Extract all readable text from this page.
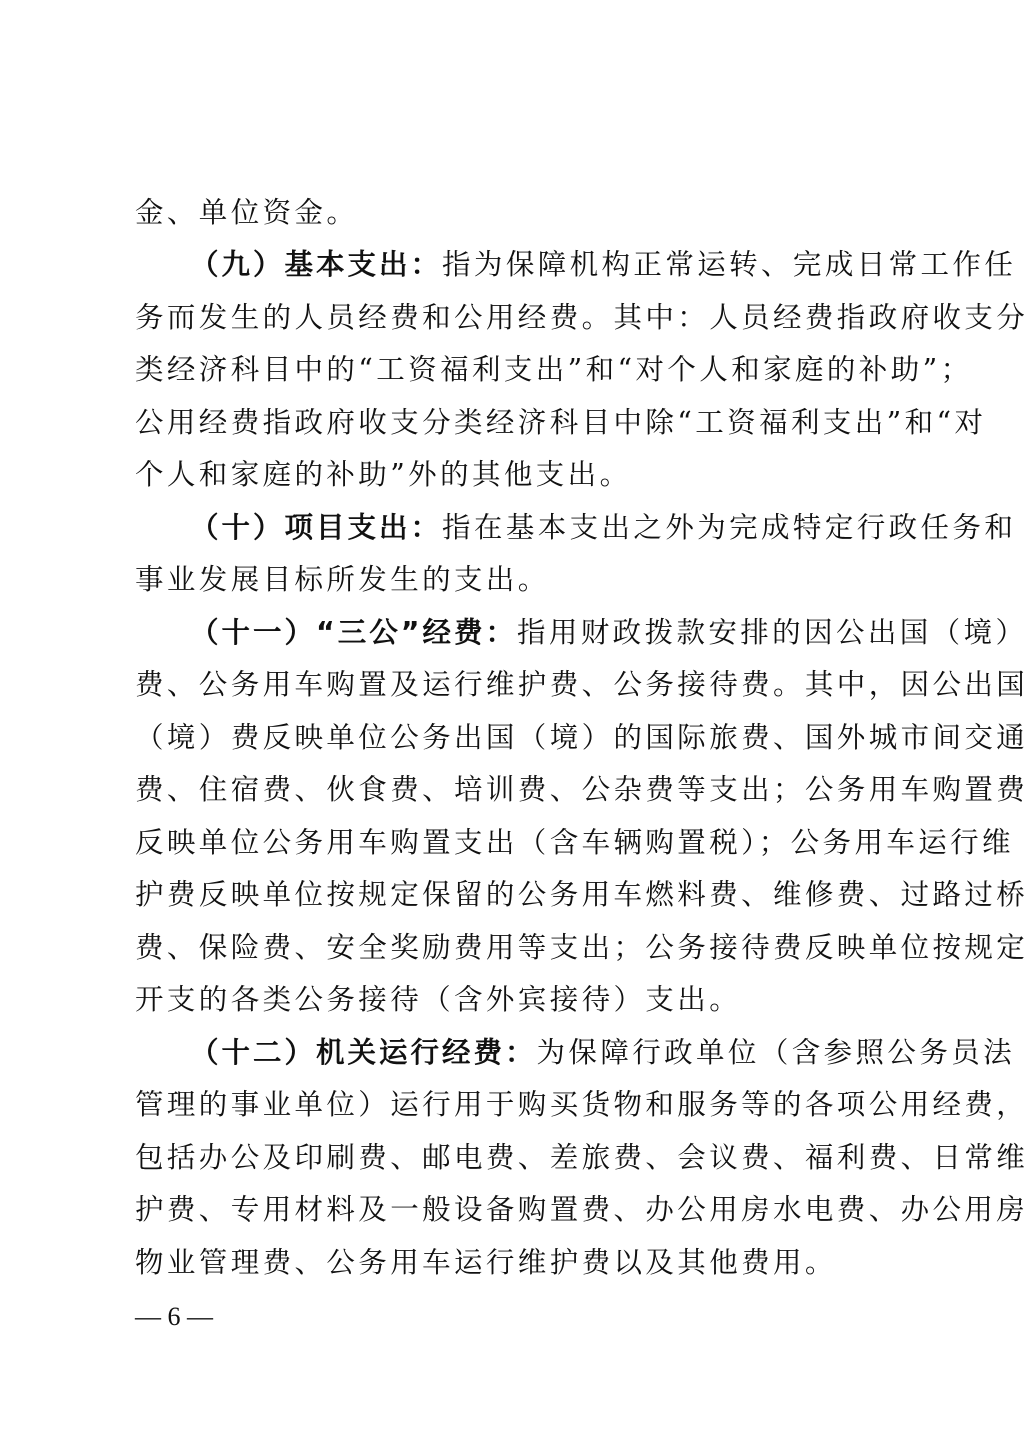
金、单位资金。
（九）基本支出：指为保障机构正常运转、完成日常工作任
务而发生的人员经费和公用经费。其中：人员经费指政府收支分
类经济科目中的“工资福利支出”和“对个人和家庭的补助”；
公用经费指政府收支分类经济科目中除“工资福利支出”和“对
个人和家庭的补助”外的其他支出。
（十）项目支出：指在基本支出之外为完成特定行政任务和
事业发展目标所发生的支出。
（十一）“三公”经费：指用财政拨款安排的因公出国（境）
费、公务用车购置及运行维护费、公务接待费。其中，因公出国
（境）费反映单位公务出国（境）的国际旅费、国外城市间交通
费、住宿费、伙食费、培训费、公杂费等支出；公务用车购置费
反映单位公务用车购置支出（含车辆购置税）；公务用车运行维
护费反映单位按规定保留的公务用车燃料费、维修费、过路过桥
费、保险费、安全奖励费用等支出；公务接待费反映单位按规定
开支的各类公务接待（含外宾接待）支出。
（十二）机关运行经费：为保障行政单位（含参照公务员法
管理的事业单位）运行用于购买货物和服务等的各项公用经费，
包括办公及印刷费、邮电费、差旅费、会议费、福利费、日常维
护费、专用材料及一般设备购置费、办公用房水电费、办公用房
物业管理费、公务用车运行维护费以及其他费用。
— 6 —
